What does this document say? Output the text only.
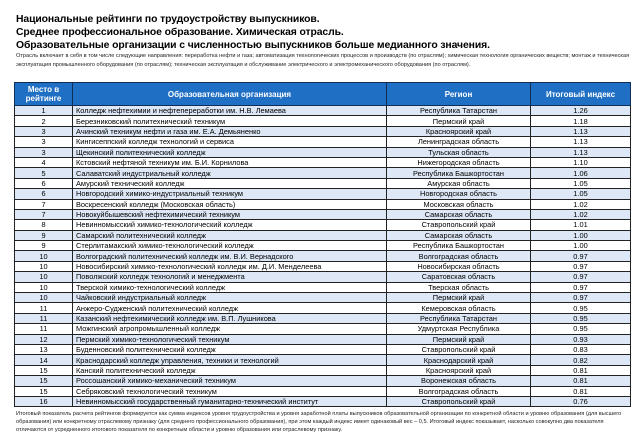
Национальные рейтинги по трудоустройству выпускников.
Среднее профессиональное образование. Химическая отрасль.
Образовательные организации с численностью выпускников больше медианного значения.
Отрасль включает в себя в том числе следующие направления: переработка нефти и газа; автоматизация технологических процессов и производств (по отраслям); химическая технология органических веществ; монтаж и техническая эксплуатация промышленного оборудования (по отраслям); техническая эксплуатация и обслуживание электрического и электромеханического оборудования (по отраслям).
Место в рейтинге	Образовательная организация	Регион	Итоговый индекс
1	Колледж нефтехимии и нефтепереработки им. Н.В. Лемаева	Республика Татарстан	1.26
2	Березниковский политехнический техникум	Пермский край	1.18
3	Ачинский техникум нефти и газа им. Е.А. Демьяненко	Красноярский край	1.13
3	Кингисеппский колледж технологий и сервиса	Ленинградская область	1.13
3	Щекинский политехнический колледж	Тульская область	1.13
4	Кстовский нефтяной техникум им. Б.И. Корнилова	Нижегородская область	1.10
5	Салаватский индустриальный колледж	Республика Башкортостан	1.06
6	Амурский технический колледж	Амурская область	1.05
6	Новгородский химико-индустриальный техникум	Новгородская область	1.05
7	Воскресенский колледж (Московская область)	Московская область	1.02
7	Новокуйбышевский нефтехимический техникум	Самарская область	1.02
8	Невинномысский химико-технологический колледж	Ставропольский край	1.01
9	Самарский политехнический колледж	Самарская область	1.00
9	Стерлитамакский химико-технологический колледж	Республика Башкортостан	1.00
10	Волгоградский политехнический колледж им. В.И. Вернадского	Волгоградская область	0.97
10	Новосибирский химико-технологический колледж им. Д.И. Менделеева	Новосибирская область	0.97
10	Поволжский колледж технологий и менеджмента	Саратовская область	0.97
10	Тверской химико-технологический колледж	Тверская область	0.97
10	Чайковский индустриальный колледж	Пермский край	0.97
11	Анжеро-Судженский политехнический колледж	Кемеровская область	0.95
11	Казанский нефтехимический колледж им. В.П. Лушникова	Республика Татарстан	0.95
11	Можгинский агропромышленный колледж	Удмуртская Республика	0.95
12	Пермский химико-технологический техникум	Пермский край	0.93
13	Буденновский политехнический колледж	Ставропольский край	0.83
14	Краснодарский колледж управления, техники и технологий	Краснодарский край	0.82
15	Канский политехнический колледж	Красноярский край	0.81
15	Россошанский химико-механический техникум	Воронежская область	0.81
15	Себряковский технологический техникум	Волгоградская область	0.81
16	Невинномысский государственный гуманитарно-технический институт	Ставропольский край	0.76
Итоговый показатель расчета рейтингов формируется как сумма индексов уровня трудоустройства и уровня заработной платы выпускников образовательной организации по конкретной области и уровню образования (для высшего образования) или конкретному отраслевому признаку (для среднего профессионального образования), при этом каждый индекс имеет одинаковый вес – 0,5. Итоговый индекс показывает, насколько совокупно два показателя отличаются от усредненного итогового показателя по конкретным области и уровню образования или отраслевому признаку.
